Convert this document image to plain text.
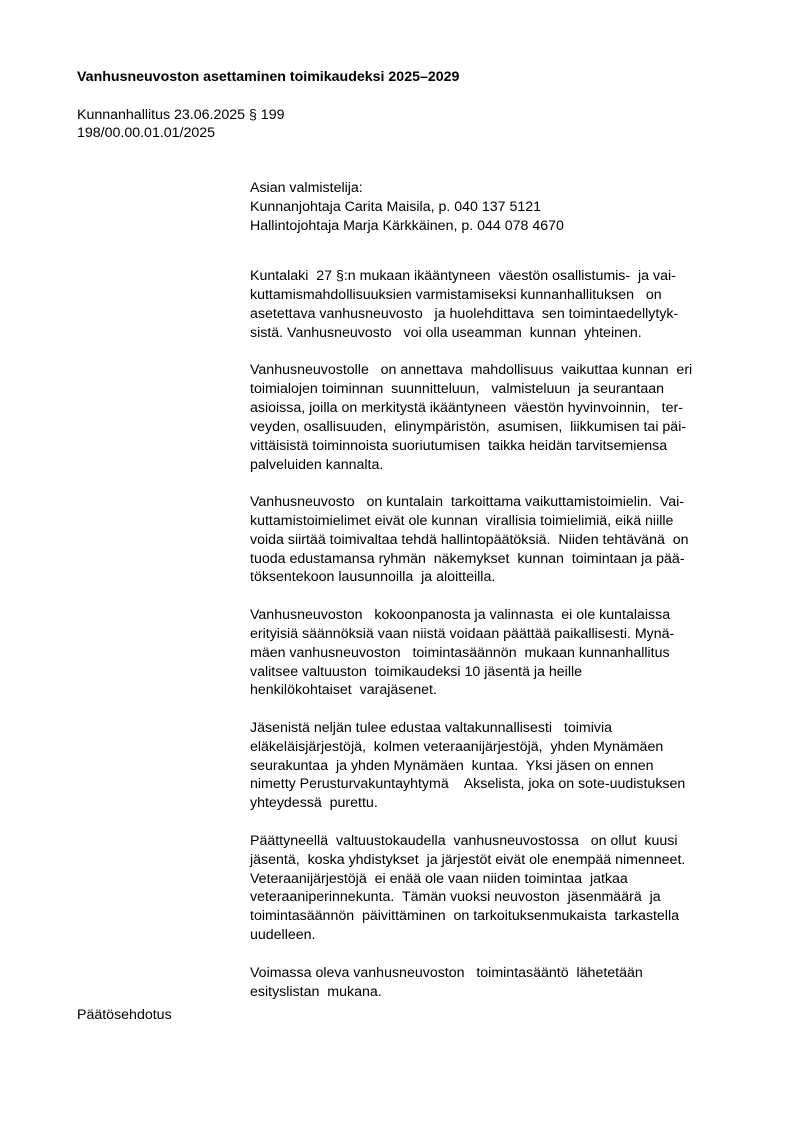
Vanhusneuvoston asettaminen toimikaudeksi 2025–2029
Kunnanhallitus 23.06.2025 § 199
198/00.00.01.01/2025
Asian valmistelija:
Kunnanjohtaja Carita Maisila, p. 040 137 5121
Hallintojohtaja Marja Kärkkäinen, p. 044 078 4670
Kuntalaki  27 §:n mukaan ikääntyneen  väestön osallistumis-  ja vai-
kuttamismahdollisuuksien varmistamiseksi kunnanhallituksen   on
asetettava vanhusneuvosto   ja huolehdittava  sen toimintaedellytyk-
sistä. Vanhusneuvosto   voi olla useamman  kunnan  yhteinen.
Vanhusneuvostolle   on annettava  mahdollisuus  vaikuttaa kunnan  eri
toimialojen toiminnan  suunnitteluun,   valmisteluun  ja seurantaan
asioissa, joilla on merkitystä ikääntyneen  väestön hyvinvoinnin,   ter-
veyden, osallisuuden,  elinympäristön,  asumisen,  liikkumisen tai päi-
vittäisistä toiminnoista suoriutumisen  taikka heidän tarvitsemiensa
palveluiden kannalta.
Vanhusneuvosto   on kuntalain  tarkoittama vaikuttamistoimielin.  Vai-
kuttamistoimielimet eivät ole kunnan  virallisia toimielimiä, eikä niille
voida siirtää toimivaltaa tehdä hallintopäätöksiä.  Niiden tehtävänä  on
tuoda edustamansa ryhmän  näkemykset  kunnan  toimintaan ja pää-
töksentekoon lausunnoilla  ja aloitteilla.
Vanhusneuvoston   kokoonpanosta ja valinnasta  ei ole kuntalaissa
erityisiä säännöksiä vaan niistä voidaan päättää paikallisesti. Mynä-
mäen vanhusneuvoston   toimintasäännön  mukaan kunnanhallitus
valitsee valtuuston  toimikaudeksi 10 jäsentä ja heille
henkilökohtaiset  varajäsenet.
Jäsenistä neljän tulee edustaa valtakunnallisesti   toimivia
eläkeläisjärjestöjä,  kolmen veteraanijärjestöjä,  yhden Mynämäen
seurakuntaa  ja yhden Mynämäen  kuntaa.  Yksi jäsen on ennen
nimetty Perusturvakuntayhtymä    Akselista, joka on sote-uudistuksen
yhteydessä  purettu.
Päättyneellä  valtuustokaudella  vanhusneuvostossa   on ollut  kuusi
jäsentä,  koska yhdistykset  ja järjestöt eivät ole enempää nimenneet.
Veteraanijärjestöjä  ei enää ole vaan niiden toimintaa  jatkaa
veteraaniperinnekunta.  Tämän vuoksi neuvoston  jäsenmäärä  ja
toimintasäännön  päivittäminen  on tarkoituksenmukaista  tarkastella
uudelleen.
Voimassa oleva vanhusneuvoston   toimintasääntö  lähetetään
esityslistan  mukana.
Päätösehdotus
